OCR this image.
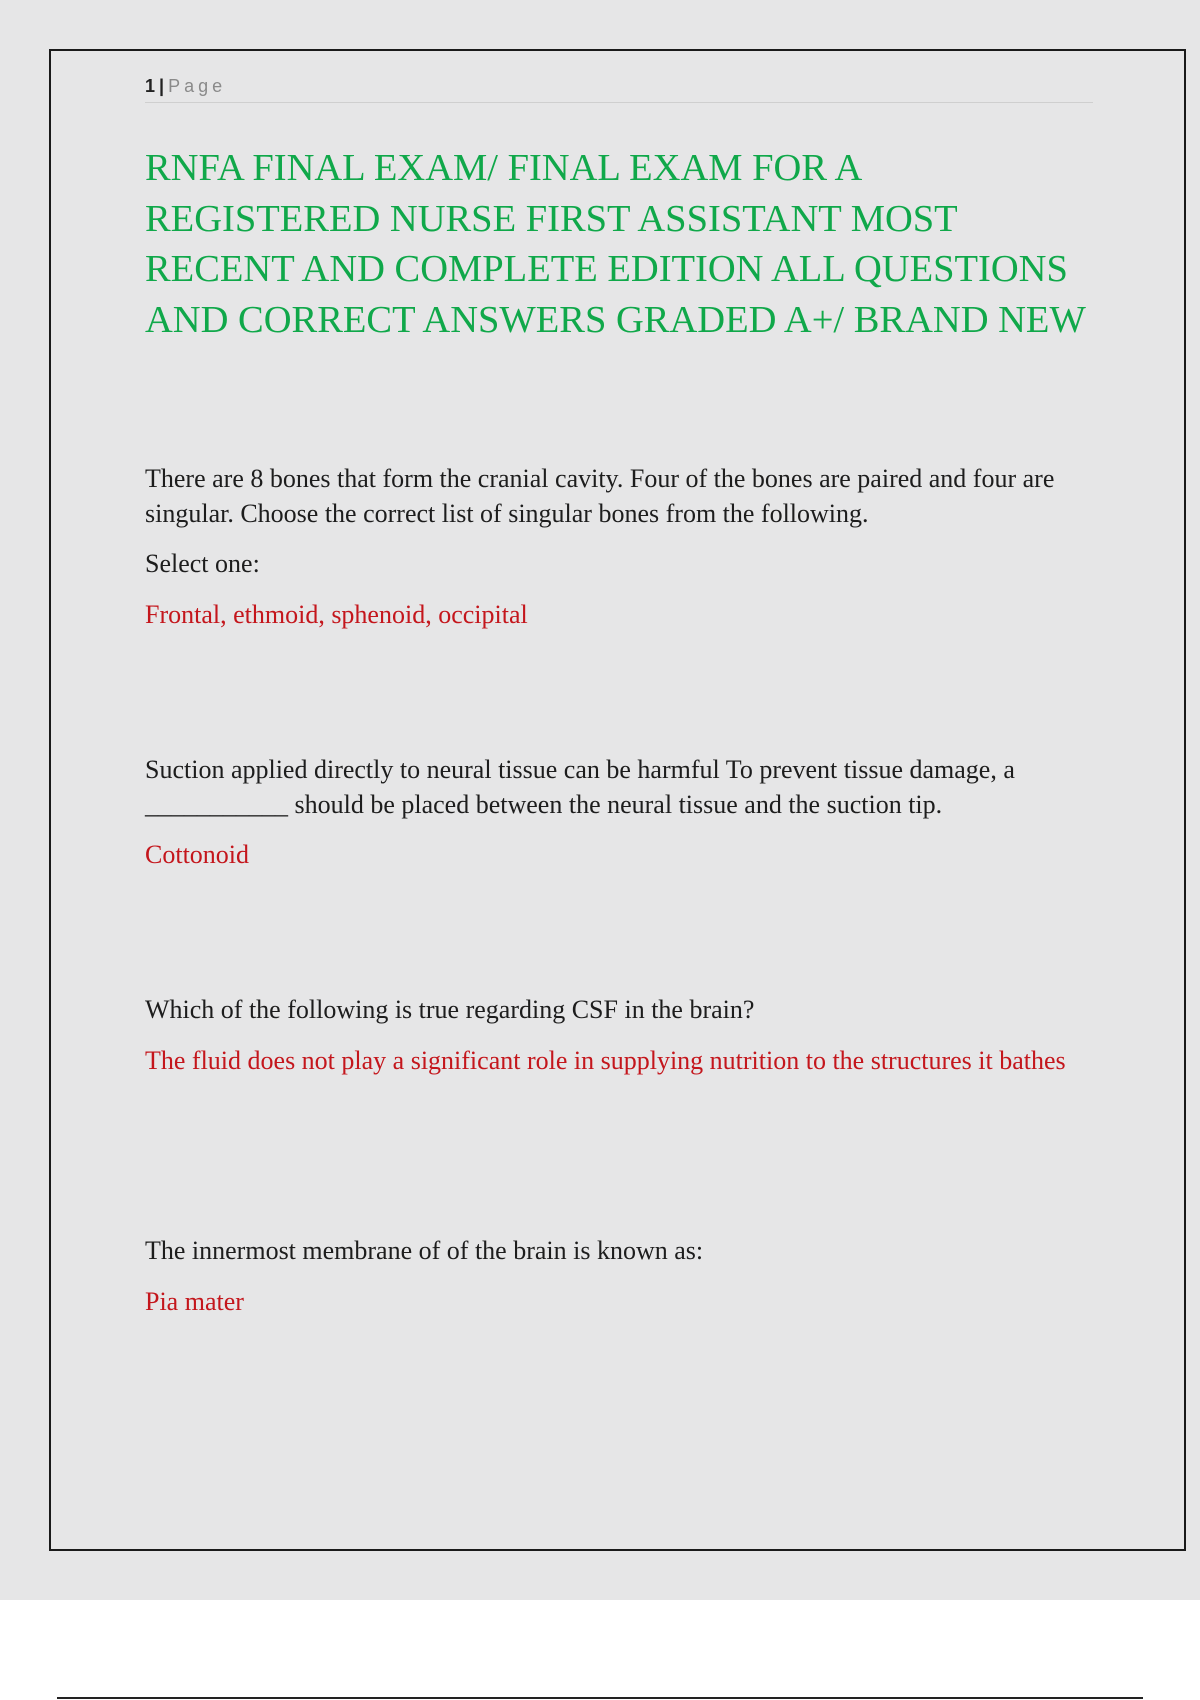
1 | Page
RNFA FINAL EXAM/ FINAL EXAM FOR A REGISTERED NURSE FIRST ASSISTANT MOST RECENT AND COMPLETE EDITION ALL QUESTIONS AND CORRECT ANSWERS GRADED A+/ BRAND NEW

There are 8 bones that form the cranial cavity. Four of the bones are paired and four are singular. Choose the correct list of singular bones from the following.

Select one:

Frontal, ethmoid, sphenoid, occipital

Suction applied directly to neural tissue can be harmful To prevent tissue damage, a ___________ should be placed between the neural tissue and the suction tip.

Cottonoid

Which of the following is true regarding CSF in the brain?

The fluid does not play a significant role in supplying nutrition to the structures it bathes

The innermost membrane of of the brain is known as:

Pia mater
